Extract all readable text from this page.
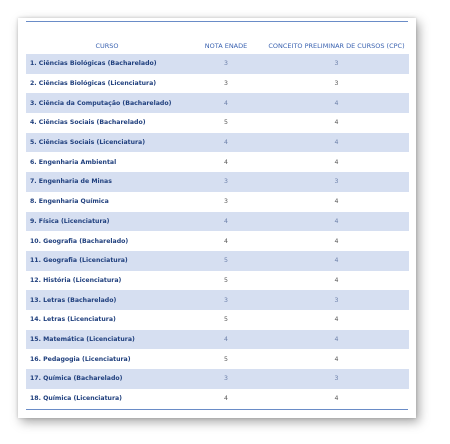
CURSO	NOTA ENADE	CONCEITO PRELIMINAR DE CURSOS (CPC)
1. Ciências Biológicas (Bacharelado)	3	3
2. Ciências Biológicas (Licenciatura)	3	3
3. Ciência da Computação (Bacharelado)	4	4
4. Ciências Sociais (Bacharelado)	5	4
5. Ciências Sociais (Licenciatura)	4	4
6. Engenharia Ambiental	4	4
7. Engenharia de Minas	3	3
8. Engenharia Química	3	4
9. Física (Licenciatura)	4	4
10. Geografia (Bacharelado)	4	4
11. Geografia (Licenciatura)	5	4
12. História (Licenciatura)	5	4
13. Letras (Bacharelado)	3	3
14. Letras (Licenciatura)	5	4
15. Matemática (Licenciatura)	4	4
16. Pedagogia (Licenciatura)	5	4
17. Química (Bacharelado)	3	3
18. Química (Licenciatura)	4	4
